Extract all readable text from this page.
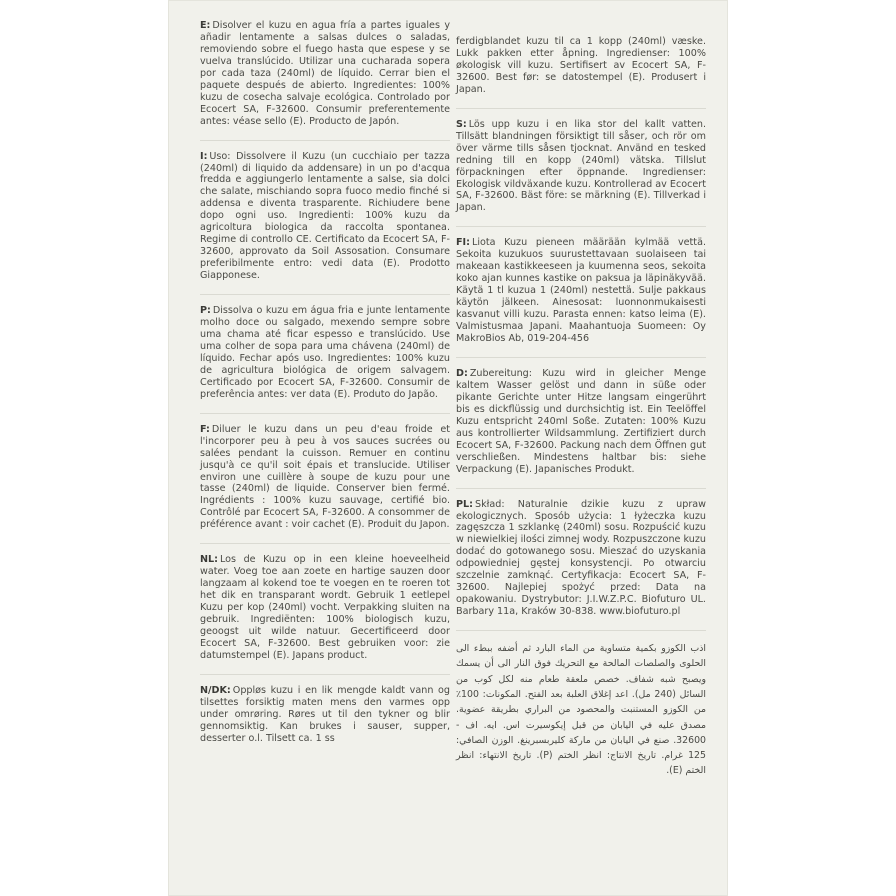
E: Disolver el kuzu en agua fría a partes iguales y añadir lentamente a salsas dulces o saladas, removiendo sobre el fuego hasta que espese y se vuelva translúcido. Utilizar una cucharada sopera por cada taza (240ml) de líquido. Cerrar bien el paquete después de abierto. Ingredientes: 100% kuzu de cosecha salvaje ecológica. Controlado por Ecocert SA, F-32600. Consumir preferentemente antes: véase sello (E). Producto de Japón.

I: Uso: Dissolvere il Kuzu (un cucchiaio per tazza (240ml) di liquido da addensare) in un po d'acqua fredda e aggiungerlo lentamente a salse, sia dolci che salate, mischiando sopra fuoco medio finché si addensa e diventa trasparente. Richiudere bene dopo ogni uso. Ingredienti: 100% kuzu da agricoltura biologica da raccolta spontanea. Regime di controllo CE. Certificato da Ecocert SA, F-32600, approvato da Soil Assosation. Consumare preferibilmente entro: vedi data (E). Prodotto Giapponese.

P: Dissolva o kuzu em água fria e junte lentamente molho doce ou salgado, mexendo sempre sobre uma chama até ficar espesso e translúcido. Use uma colher de sopa para uma chávena (240ml) de líquido. Fechar após uso. Ingredientes: 100% kuzu de agricultura biológica de origem salvagem. Certificado por Ecocert SA, F-32600. Consumir de preferência antes: ver data (E). Produto do Japão.

F: Diluer le kuzu dans un peu d'eau froide et l'incorporer peu à peu à vos sauces sucrées ou salées pendant la cuisson. Remuer en continu jusqu'à ce qu'il soit épais et translucide. Utiliser environ une cuillère à soupe de kuzu pour une tasse (240ml) de liquide. Conserver bien fermé. Ingrédients : 100% kuzu sauvage, certifié bio. Contrôlé par Ecocert SA, F-32600. A consommer de préférence avant : voir cachet (E). Produit du Japon.

NL: Los de Kuzu op in een kleine hoeveelheid water. Voeg toe aan zoete en hartige sauzen door langzaam al kokend toe te voegen en te roeren tot het dik en transparant wordt. Gebruik 1 eetlepel Kuzu per kop (240ml) vocht. Verpakking sluiten na gebruik. Ingrediënten: 100% biologisch kuzu, geoogst uit wilde natuur. Gecertificeerd door Ecocert SA, F-32600. Best gebruiken voor: zie datumstempel (E). Japans product.

N/DK: Oppløs kuzu i en lik mengde kaldt vann og tilsettes forsiktig maten mens den varmes opp under omrøring. Røres ut til den tykner og blir gennomsiktig. Kan brukes i sauser, supper, desserter o.l. Tilsett ca. 1 ss

ferdigblandet kuzu til ca 1 kopp (240ml) væske. Lukk pakken etter åpning. Ingredienser: 100% økologisk vill kuzu. Sertifisert av Ecocert SA, F-32600. Best før: se datostempel (E). Produsert i Japan.

S: Lös upp kuzu i en lika stor del kallt vatten. Tillsätt blandningen försiktigt till såser, och rör om över värme tills såsen tjocknat. Använd en tesked redning till en kopp (240ml) vätska. Tillslut förpackningen efter öppnande. Ingredienser: Ekologisk vildväxande kuzu. Kontrollerad av Ecocert SA, F-32600. Bäst före: se märkning (E). Tillverkad i Japan.

FI: Liota Kuzu pieneen määrään kylmää vettä. Sekoita kuzukuos suurustettavaan suolaiseen tai makeaan kastikkeeseen ja kuumenna seos, sekoita koko ajan kunnes kastike on paksua ja läpinäkyvää. Käytä 1 tl kuzua 1 (240ml) nestettä. Sulje pakkaus käytön jälkeen. Ainesosat: luonnonmukaisesti kasvanut villi kuzu. Parasta ennen: katso leima (E). Valmistusmaa Japani. Maahantuoja Suomeen: Oy MakroBios Ab, 019-204-456

D: Zubereitung: Kuzu wird in gleicher Menge kaltem Wasser gelöst und dann in süße oder pikante Gerichte unter Hitze langsam eingerührt bis es dickflüssig und durchsichtig ist. Ein Teelöffel Kuzu entspricht 240ml Soße. Zutaten: 100% Kuzu aus kontrollierter Wildsammlung. Zertifiziert durch Ecocert SA, F-32600. Packung nach dem Öffnen gut verschließen. Mindestens haltbar bis: siehe Verpackung (E). Japanisches Produkt.

PL: Skład: Naturalnie dzikie kuzu z upraw ekologicznych. Sposób użycia: 1 łyżeczka kuzu zagęszcza 1 szklankę (240ml) sosu. Rozpuścić kuzu w niewielkiej ilości zimnej wody. Rozpuszczone kuzu dodać do gotowanego sosu. Mieszać do uzyskania odpowiedniej gęstej konsystencji. Po otwarciu szczelnie zamknąć. Certyfikacja: Ecocert SA, F-32600. Najlepiej spożyć przed: Data na opakowaniu. Dystrybutor: J.I.W.Z.P.C. Biofuturo UL. Barbary 11a, Kraków 30-838. www.biofuturo.pl

اذب الكوزو بكمية متساوية من الماء البارد ثم أضفه ببطء الى الحلوى والصلصات المالحة مع التحريك فوق النار الى أن يسمك ويصبح شبه شفاف. خصص ملعقة طعام منه لكل كوب من السائل (240 مل). اعد إغلاق العلبة بعد الفتح. المكونات: 100٪ من الكوزو المستنبت والمحصود من البراري بطريقة عضوية. مصدق عليه في اليابان من قبل إيكوسيرت اس. ايه. اف - 32600. صنع في اليابان من ماركة كليربسبرينغ. الوزن الصافي: 125 غرام. تاريخ الانتاج: انظر الختم (P). تاريخ الانتهاء: انظر الختم (E).
